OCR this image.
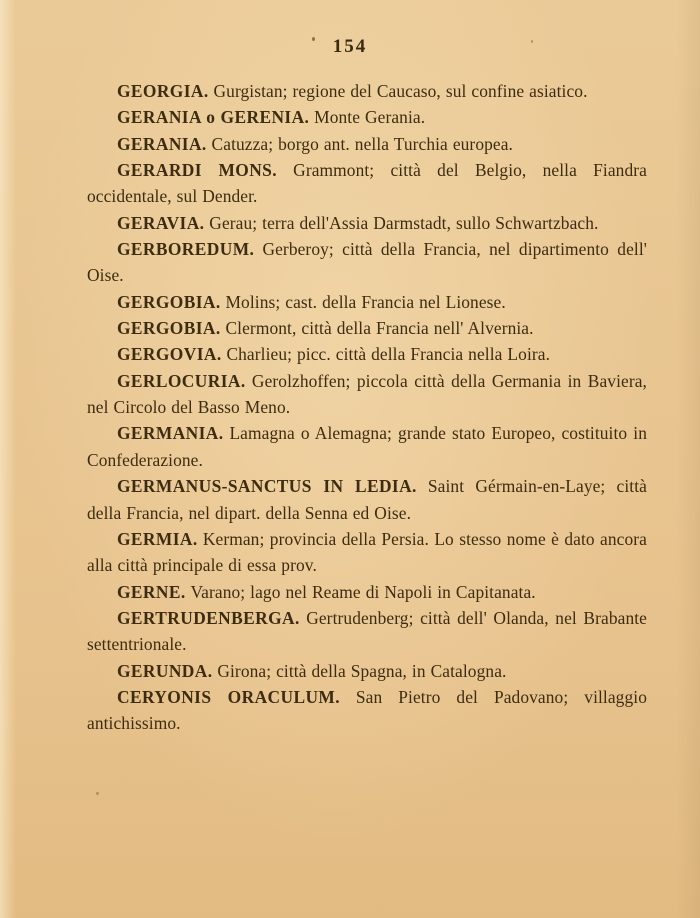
154

GEORGIA. Gurgistan; regione del Caucaso, sul confine asiatico.

GERANIA o GERENIA. Monte Gerania.

GERANIA. Catuzza; borgo ant. nella Turchia europea.

GERARDI MONS. Grammont; città del Belgio, nella Fiandra occidentale, sul Dender.

GERAVIA. Gerau; terra dell'Assia Darmstadt, sullo Schwartzbach.

GERBOREDUM. Gerberoy; città della Francia, nel dipartimento dell' Oise.

GERGOBIA. Molins; cast. della Francia nel Lionese.

GERGOBIA. Clermont, città della Francia nell' Alvernia.

GERGOVIA. Charlieu; picc. città della Francia nella Loira.

GERLOCURIA. Gerolzhoffen; piccola città della Germania in Baviera, nel Circolo del Basso Meno.

GERMANIA. Lamagna o Alemagna; grande stato Europeo, costituito in Confederazione.

GERMANUS-SANCTUS IN LEDIA. Saint Gérmain-en-Laye; città della Francia, nel dipart. della Senna ed Oise.

GERMIA. Kerman; provincia della Persia. Lo stesso nome è dato ancora alla città principale di essa prov.

GERNE. Varano; lago nel Reame di Napoli in Capitanata.

GERTRUDENBERGA. Gertrudenberg; città dell' Olanda, nel Brabante settentrionale.

GERUNDA. Girona; città della Spagna, in Catalogna.

CERYONIS ORACULUM. San Pietro del Padovano; villaggio antichissimo.
